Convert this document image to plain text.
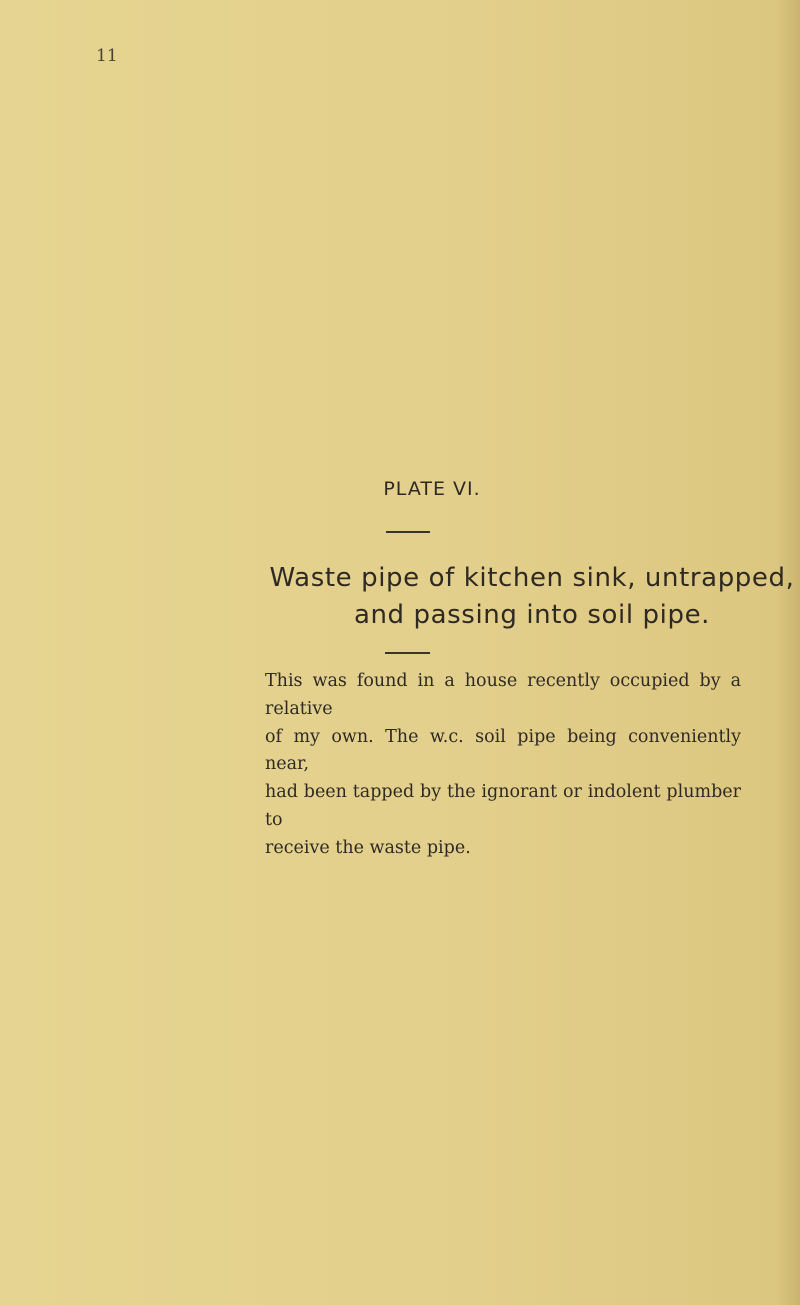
11
PLATE VI.
Waste pipe of kitchen sink, untrapped,
and passing into soil pipe.
This was found in a house recently occupied by a relative
of my own. The w.c. soil pipe being conveniently near,
had been tapped by the ignorant or indolent plumber to
receive the waste pipe.
